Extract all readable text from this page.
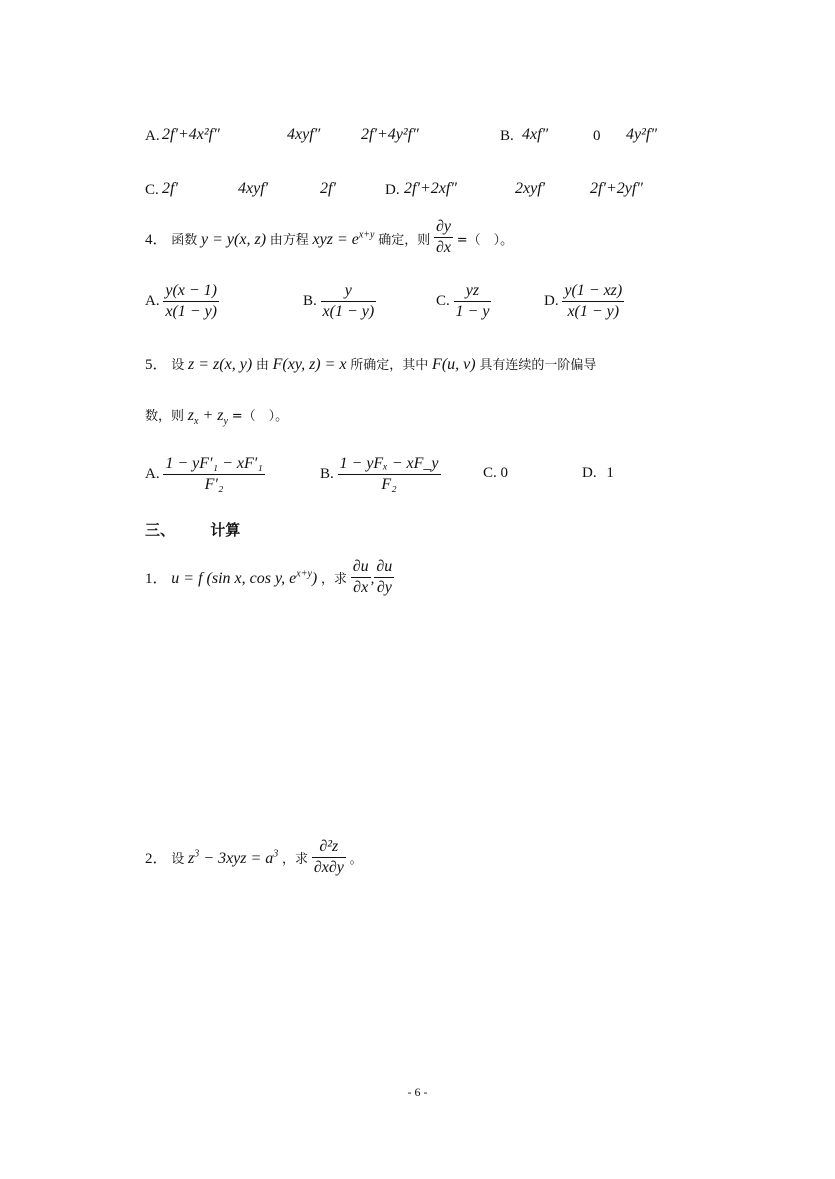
A. 2f′+4x²f″	4xyf″	2f′+4y²f″	B. 4xf″	0 4y²f″
C. 2f′	4xyf′	2f′	D. 2f′+2xf″	2xyf′	2f′+2yf″
4． 函数 y = y(x, z) 由方程 xyz = $e^{x+y}$ 确定，则 $\frac{\partial y}{\partial x}$ =（　）。
A. $\frac{y(x - 1)}{x(1 - y)}$	B. $\frac{y}{x(1 - y)}$	C. $\frac{yz}{1 - y}$	D. $\frac{y(1 - xz)}{x(1 - y)}$
5． 设 z = z(x, y) 由 F(xy, z) = x 所确定，其中 F(u, v) 具有连续的一阶偏导
数，则 $z_x + z_y$ =（　）。
A. $\frac{\text{1 − yF′₁ − xF′₁}}{\text{F′₂}}$	B. $\frac{\text{1 − yFₓ − xF\_y}}{\text{F₂}}$	C. 0	D. 1
三、 计算
1． u = f (sin x, cos y, $e^{x+y}$) ，求 $\frac{\partial u}{\partial x}$ , $\frac{\partial u}{\partial y}$
2． 设 $z^3 - 3xyz = a^3$ ，求 $\frac{\text{∂²z}}{\partial x\partial y}$ 。
- 6 -
